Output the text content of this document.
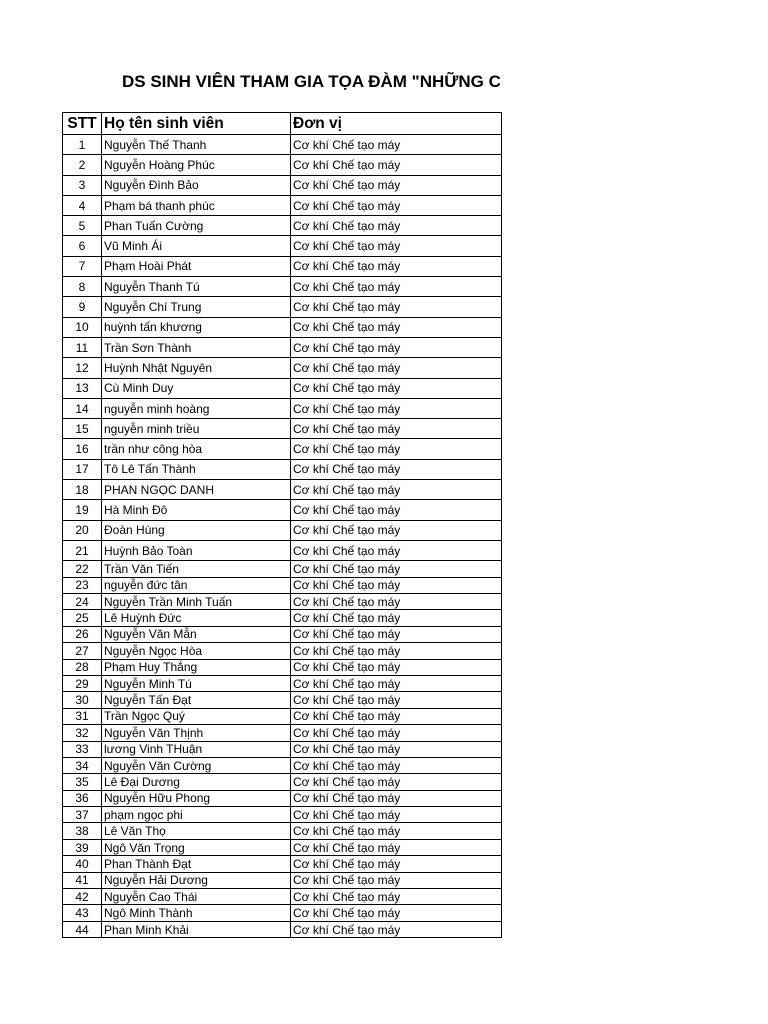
DS SINH VIÊN THAM GIA TỌA ĐÀM "NHỮNG C
STT	Họ tên sinh viên	Đơn vị
1	Nguyễn Thế Thanh	Cơ khí Chế tạo máy
2	Nguyễn Hoàng Phúc	Cơ khí Chế tạo máy
3	Nguyễn Đình Bảo	Cơ khí Chế tạo máy
4	Phạm bá thanh phúc	Cơ khí Chế tạo máy
5	Phan Tuấn Cường	Cơ khí Chế tạo máy
6	Vũ Minh Ái	Cơ khí Chế tạo máy
7	Phạm Hoài Phát	Cơ khí Chế tạo máy
8	Nguyễn Thanh Tú	Cơ khí Chế tạo máy
9	Nguyễn Chí Trung	Cơ khí Chế tạo máy
10	huỳnh tấn khương	Cơ khí Chế tạo máy
11	Trần Sơn Thành	Cơ khí Chế tạo máy
12	Huỳnh Nhật Nguyên	Cơ khí Chế tạo máy
13	Cù Minh Duy	Cơ khí Chế tạo máy
14	nguyễn minh hoàng	Cơ khí Chế tạo máy
15	nguyễn minh triều	Cơ khí Chế tạo máy
16	trần như công hòa	Cơ khí Chế tạo máy
17	Tô Lê Tấn Thành	Cơ khí Chế tạo máy
18	PHAN NGỌC DANH	Cơ khí Chế tạo máy
19	Hà Minh Đô	Cơ khí Chế tạo máy
20	Đoàn Hùng	Cơ khí Chế tạo máy
21	Huỳnh Bảo Toàn	Cơ khí Chế tạo máy
22	Trần Văn Tiến	Cơ khí Chế tạo máy
23	nguyễn đức tân	Cơ khí Chế tạo máy
24	Nguyễn Trần Minh Tuấn	Cơ khí Chế tạo máy
25	Lê Huỳnh Đức	Cơ khí Chế tạo máy
26	Nguyễn Văn Mẫn	Cơ khí Chế tạo máy
27	Nguyễn Ngọc Hòa	Cơ khí Chế tạo máy
28	Phạm Huy Thắng	Cơ khí Chế tạo máy
29	Nguyễn Minh Tú	Cơ khí Chế tạo máy
30	Nguyễn Tấn Đạt	Cơ khí Chế tạo máy
31	Trần Ngọc Quý	Cơ khí Chế tạo máy
32	Nguyễn Văn Thịnh	Cơ khí Chế tạo máy
33	lương Vinh THuận	Cơ khí Chế tạo máy
34	Nguyễn Văn Cường	Cơ khí Chế tạo máy
35	Lê Đại Dương	Cơ khí Chế tạo máy
36	Nguyễn Hữu Phong	Cơ khí Chế tạo máy
37	phạm ngọc phi	Cơ khí Chế tạo máy
38	Lê Văn Thọ	Cơ khí Chế tạo máy
39	Ngô Văn Trọng	Cơ khí Chế tạo máy
40	Phan Thành Đạt	Cơ khí Chế tạo máy
41	Nguyễn Hải Dương	Cơ khí Chế tạo máy
42	Nguyễn Cao Thái	Cơ khí Chế tạo máy
43	Ngô Minh Thành	Cơ khí Chế tạo máy
44	Phan Minh Khải	Cơ khí Chế tạo máy
